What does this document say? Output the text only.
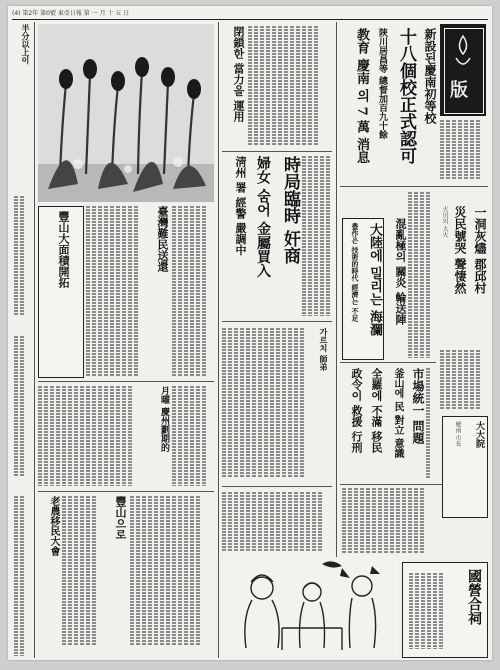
(4) 第2年 第0號 東亞日報 第 一 月 十 五 日
半分以上이
豐山大面積開拓	臺灣難民送還
月曜 慶州劃期的
老農移民大會	豐山으로
閉鎖한 當力을 運用
時局臨時 奸商
婦女 숨어 金屬買入
淸州 署 經警 嚴調中
가르치 師弟
版
新設된慶南初等校
十八個校正式認可
陝川居昌等 總督加百九十餘
教育 慶南 의 7 萬 消息
大陸에 밀리는 海瀾
豊作은 技術的時代 經濟는 不足	混亂極의 關炎 輪送陣	一洞灰燼 郡邱村
災民號哭 聲悽然
火田의 大火
市場統一 問題
釜山에 民 對立 意識
全羅에 不滿 移民
政令이 救援 行刑	大大院
慶南 市長
國營合祠
